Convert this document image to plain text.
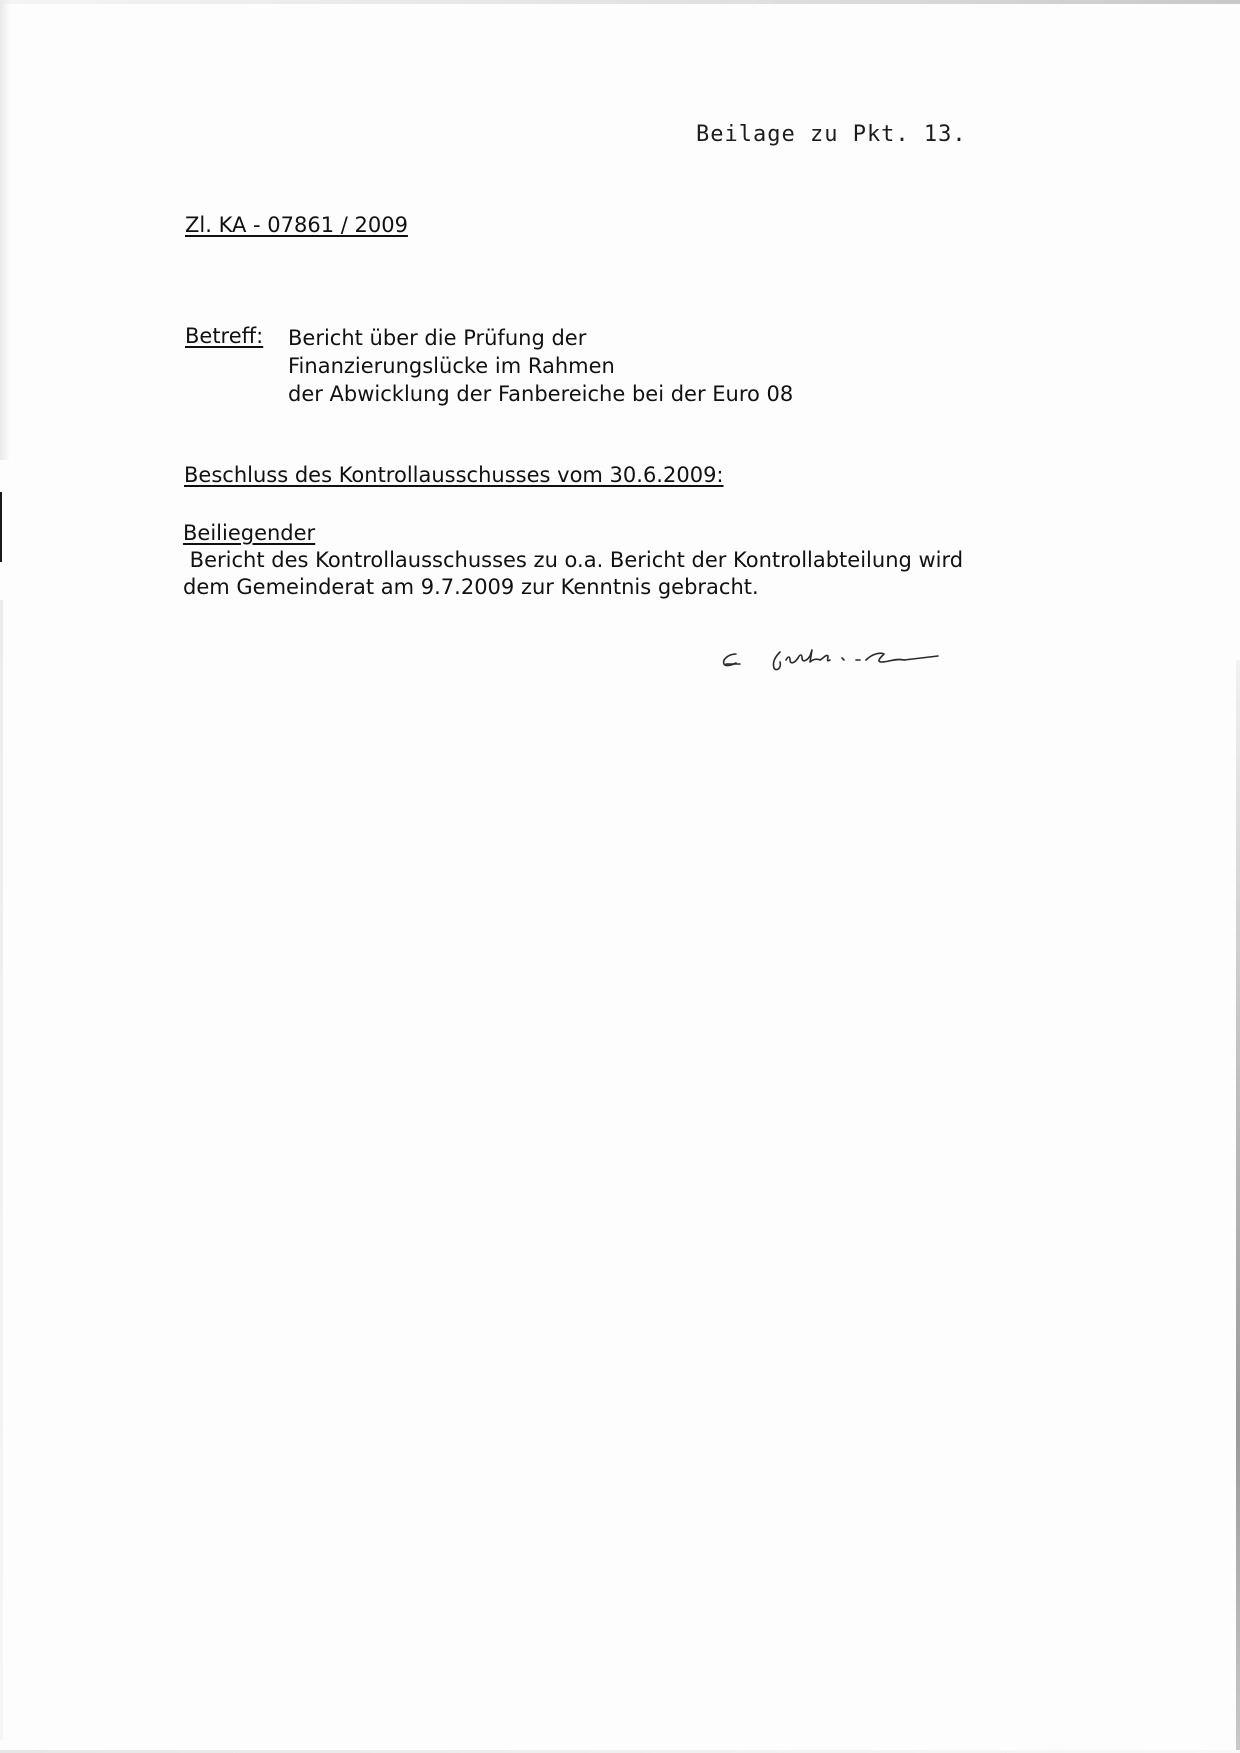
Beilage zu Pkt. 13.
Zl. KA - 07861 / 2009
Betreff: Bericht über die Prüfung der
Finanzierungslücke im Rahmen
der Abwicklung der Fanbereiche bei der Euro 08
Beschluss des Kontrollausschusses vom 30.6.2009:
Beiliegender Bericht des Kontrollausschusses zu o.a. Bericht der Kontrollabteilung wird
dem Gemeinderat am 9.7.2009 zur Kenntnis gebracht.
